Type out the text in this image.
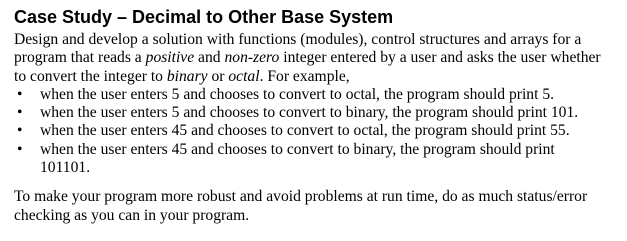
Case Study – Decimal to Other Base System

Design and develop a solution with functions (modules), control structures and arrays for a
program that reads a positive and non-zero integer entered by a user and asks the user whether
to convert the integer to binary or octal. For example,

• when the user enters 5 and chooses to convert to octal, the program should print 5.
• when the user enters 5 and chooses to convert to binary, the program should print 101.
• when the user enters 45 and chooses to convert to octal, the program should print 55.
• when the user enters 45 and chooses to convert to binary, the program should print
101101.

To make your program more robust and avoid problems at run time, do as much status/error
checking as you can in your program.
